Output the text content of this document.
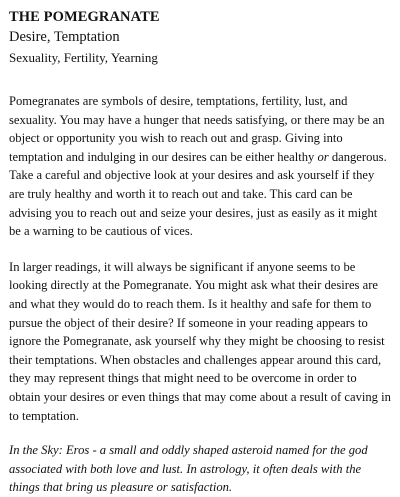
THE POMEGRANATE
Desire, Temptation
Sexuality, Fertility, Yearning

Pomegranates are symbols of desire, temptations, fertility, lust, and sexuality. You may have a hunger that needs satisfying, or there may be an object or opportunity you wish to reach out and grasp. Giving into temptation and indulging in our desires can be either healthy or dangerous. Take a careful and objective look at your desires and ask yourself if they are truly healthy and worth it to reach out and take. This card can be advising you to reach out and seize your desires, just as easily as it might be a warning to be cautious of vices.

In larger readings, it will always be significant if anyone seems to be looking directly at the Pomegranate. You might ask what their desires are and what they would do to reach them. Is it healthy and safe for them to pursue the object of their desire? If someone in your reading appears to ignore the Pomegranate, ask yourself why they might be choosing to resist their temptations. When obstacles and challenges appear around this card, they may represent things that might need to be overcome in order to obtain your desires or even things that may come about a result of caving in to temptation.

In the Sky: Eros - a small and oddly shaped asteroid named for the god associated with both love and lust. In astrology, it often deals with the things that bring us pleasure or satisfaction.
